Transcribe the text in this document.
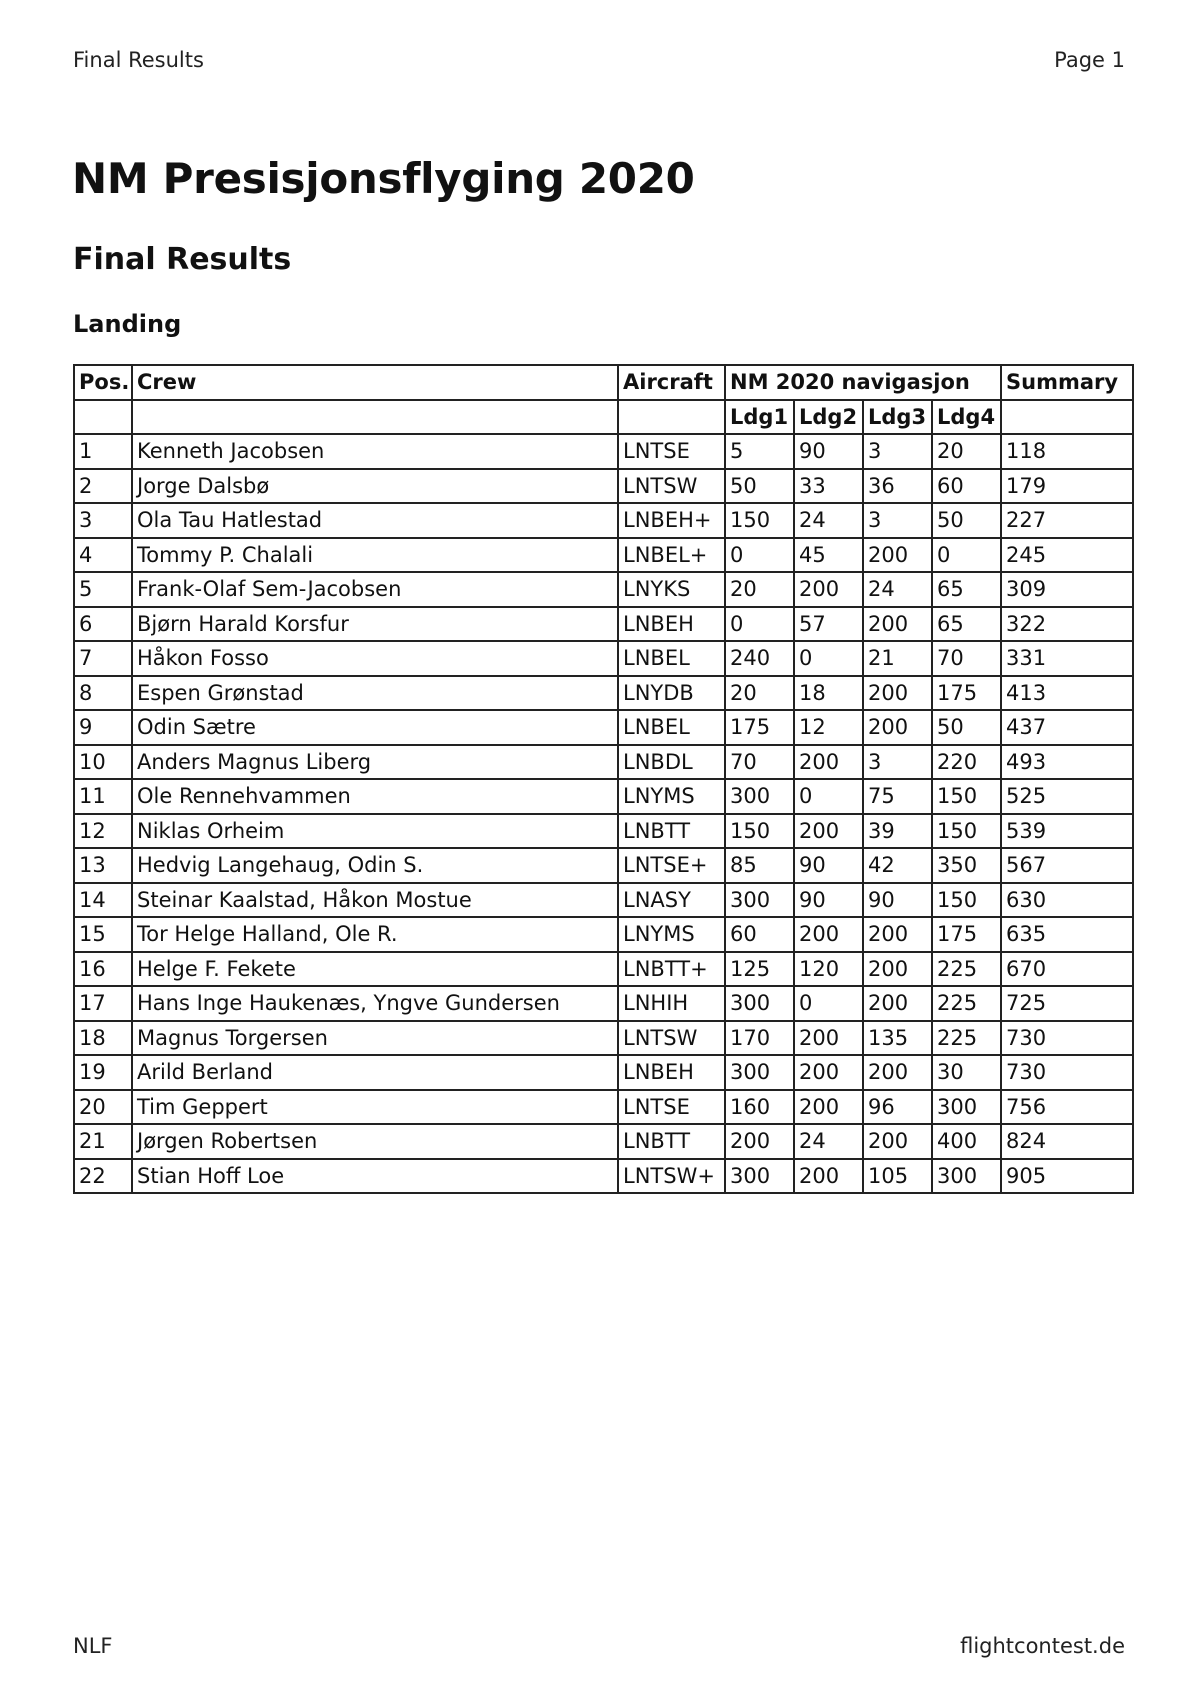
Final Results	Page 1
NM Presisjonsflyging 2020
Final Results
Landing
Pos.	Crew	Aircraft	NM 2020 navigasjon				Summary
			Ldg1	Ldg2	Ldg3	Ldg4	
1	Kenneth Jacobsen	LNTSE	5	90	3	20	118
2	Jorge Dalsbø	LNTSW	50	33	36	60	179
3	Ola Tau Hatlestad	LNBEH+	150	24	3	50	227
4	Tommy P. Chalali	LNBEL+	0	45	200	0	245
5	Frank-Olaf Sem-Jacobsen	LNYKS	20	200	24	65	309
6	Bjørn Harald Korsfur	LNBEH	0	57	200	65	322
7	Håkon Fosso	LNBEL	240	0	21	70	331
8	Espen Grønstad	LNYDB	20	18	200	175	413
9	Odin Sætre	LNBEL	175	12	200	50	437
10	Anders Magnus Liberg	LNBDL	70	200	3	220	493
11	Ole Rennehvammen	LNYMS	300	0	75	150	525
12	Niklas Orheim	LNBTT	150	200	39	150	539
13	Hedvig Langehaug, Odin S.	LNTSE+	85	90	42	350	567
14	Steinar Kaalstad, Håkon Mostue	LNASY	300	90	90	150	630
15	Tor Helge Halland, Ole R.	LNYMS	60	200	200	175	635
16	Helge F. Fekete	LNBTT+	125	120	200	225	670
17	Hans Inge Haukenæs, Yngve Gundersen	LNHIH	300	0	200	225	725
18	Magnus Torgersen	LNTSW	170	200	135	225	730
19	Arild Berland	LNBEH	300	200	200	30	730
20	Tim Geppert	LNTSE	160	200	96	300	756
21	Jørgen Robertsen	LNBTT	200	24	200	400	824
22	Stian Hoff Loe	LNTSW+	300	200	105	300	905
NLF	flightcontest.de
